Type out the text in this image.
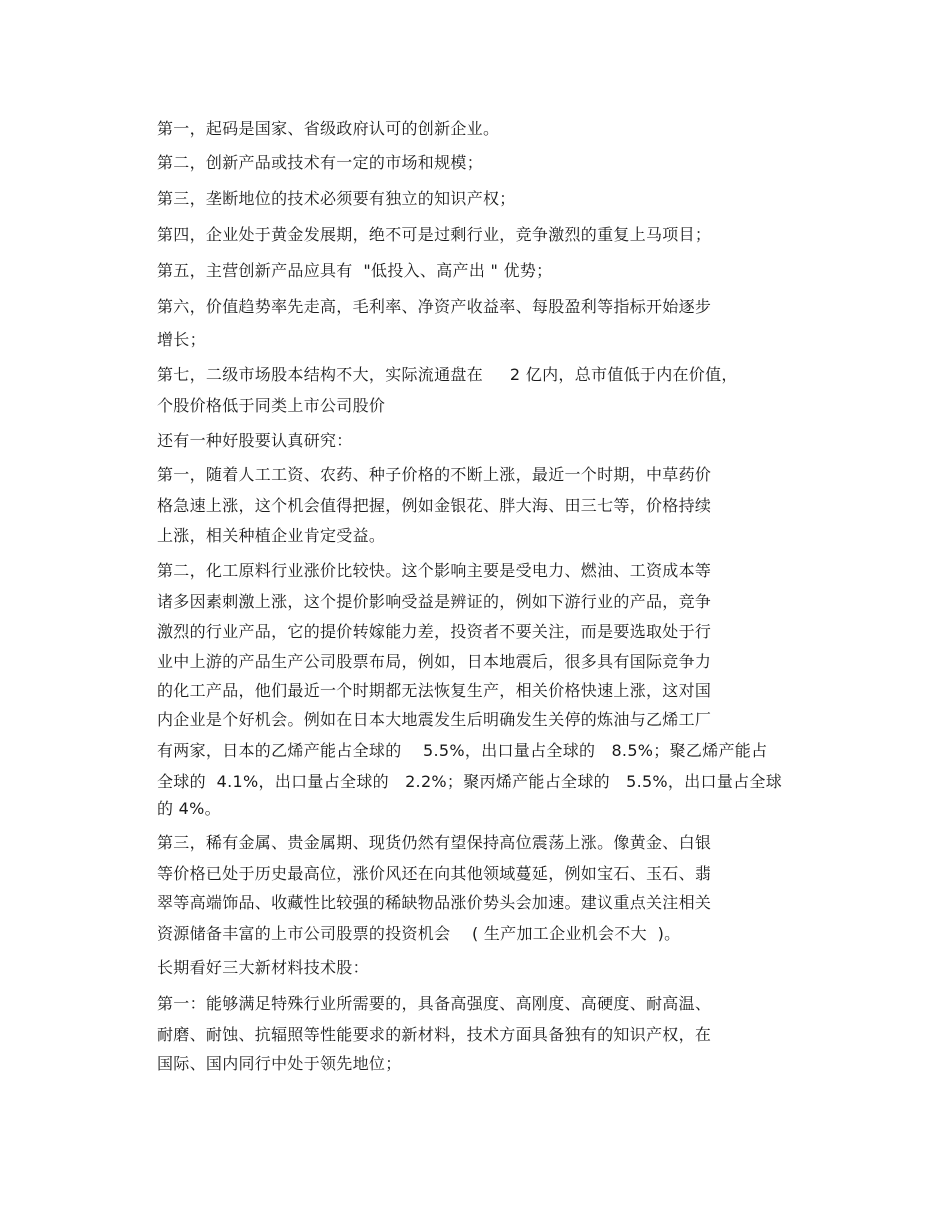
第一，起码是国家、省级政府认可的创新企业。
第二，创新产品或技术有一定的市场和规模；
第三，垄断地位的技术必须要有独立的知识产权；
第四，企业处于黄金发展期，绝不可是过剩行业，竞争激烈的重复上马项目；
第五，主营创新产品应具有  "低投入、高产出 " 优势；
第六，价值趋势率先走高，毛利率、净资产收益率、每股盈利等指标开始逐步
增长；
第七，二级市场股本结构不大，实际流通盘在     2 亿内，总市值低于内在价值，
个股价格低于同类上市公司股价
还有一种好股要认真研究：
第一，随着人工工资、农药、种子价格的不断上涨，最近一个时期，中草药价
格急速上涨，这个机会值得把握，例如金银花、胖大海、田三七等，价格持续
上涨，相关种植企业肯定受益。
第二，化工原料行业涨价比较快。这个影响主要是受电力、燃油、工资成本等
诸多因素刺激上涨，这个提价影响受益是辨证的，例如下游行业的产品，竞争
激烈的行业产品，它的提价转嫁能力差，投资者不要关注，而是要选取处于行
业中上游的产品生产公司股票布局，例如，日本地震后，很多具有国际竞争力
的化工产品，他们最近一个时期都无法恢复生产，相关价格快速上涨，这对国
内企业是个好机会。例如在日本大地震发生后明确发生关停的炼油与乙烯工厂
有两家，日本的乙烯产能占全球的    5.5%，出口量占全球的   8.5%；聚乙烯产能占
全球的  4.1%，出口量占全球的   2.2%；聚丙烯产能占全球的   5.5%，出口量占全球
的 4%。
第三，稀有金属、贵金属期、现货仍然有望保持高位震荡上涨。像黄金、白银
等价格已处于历史最高位，涨价风还在向其他领域蔓延，例如宝石、玉石、翡
翠等高端饰品、收藏性比较强的稀缺物品涨价势头会加速。建议重点关注相关
资源储备丰富的上市公司股票的投资机会    ( 生产加工企业机会不大  )。
长期看好三大新材料技术股：
第一：能够满足特殊行业所需要的，具备高强度、高刚度、高硬度、耐高温、
耐磨、耐蚀、抗辐照等性能要求的新材料，技术方面具备独有的知识产权，在
国际、国内同行中处于领先地位；
